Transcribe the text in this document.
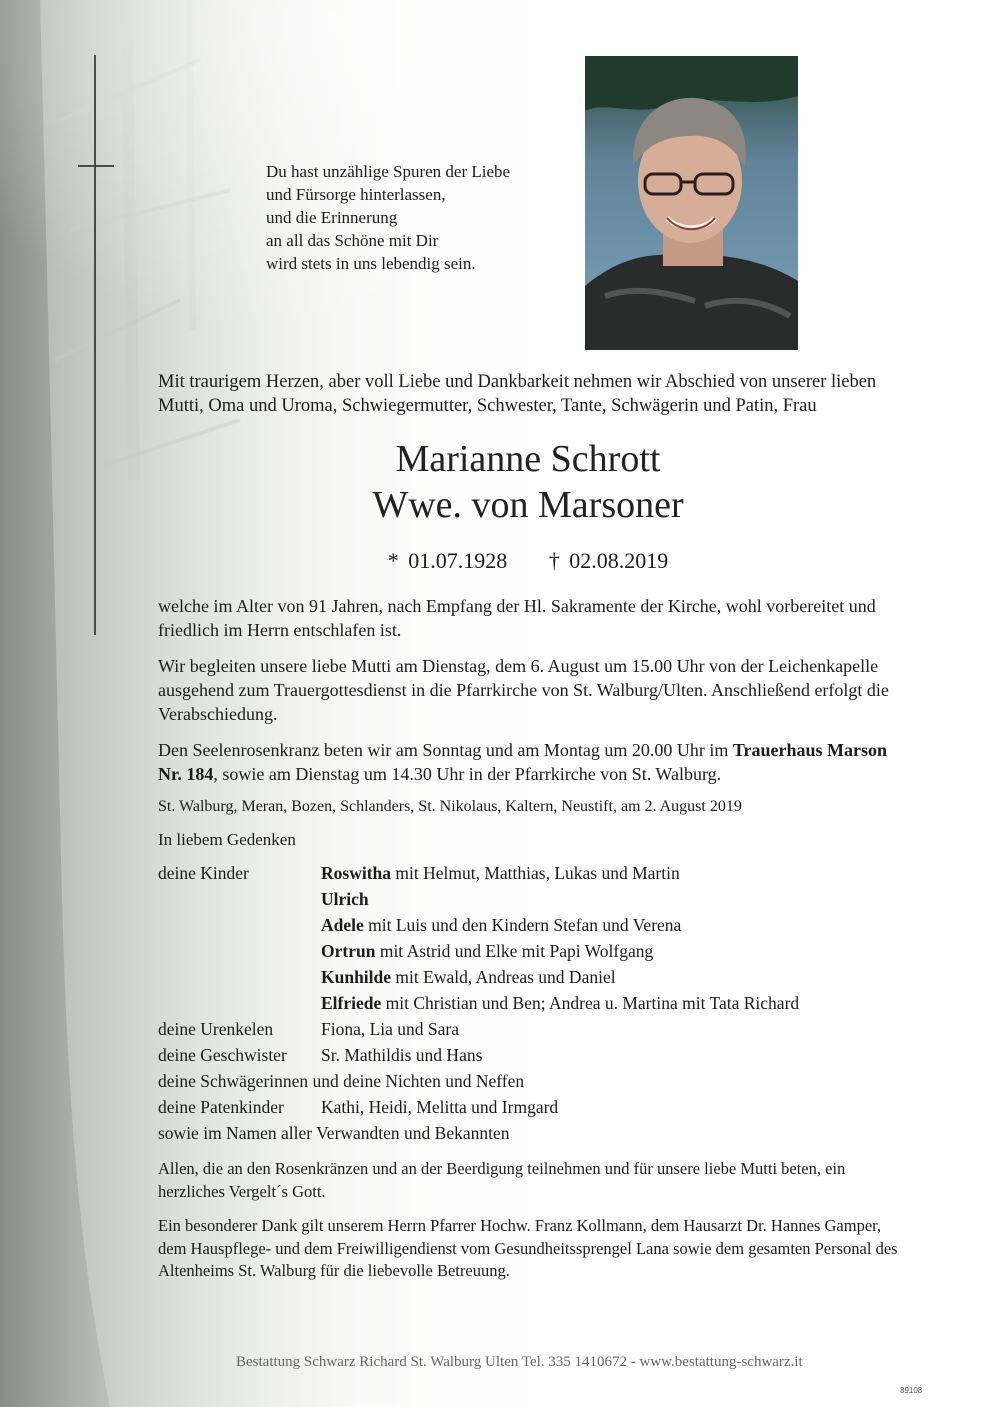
Du hast unzählige Spuren der Liebe
und Fürsorge hinterlassen,
und die Erinnerung
an all das Schöne mit Dir
wird stets in uns lebendig sein.
Mit traurigem Herzen, aber voll Liebe und Dankbarkeit nehmen wir Abschied von unserer lieben Mutti, Oma und Uroma, Schwiegermutter, Schwester, Tante, Schwägerin und Patin, Frau
Marianne Schrott
Wwe. von Marsoner
* 01.07.1928 † 02.08.2019
welche im Alter von 91 Jahren, nach Empfang der Hl. Sakramente der Kirche, wohl vorbereitet und friedlich im Herrn entschlafen ist.
Wir begleiten unsere liebe Mutti am Dienstag, dem 6. August um 15.00 Uhr von der Leichenkapelle ausgehend zum Trauergottesdienst in die Pfarrkirche von St. Walburg/Ulten. Anschließend erfolgt die Verabschiedung.
Den Seelenrosenkranz beten wir am Sonntag und am Montag um 20.00 Uhr im Trauerhaus Marson Nr. 184, sowie am Dienstag um 14.30 Uhr in der Pfarrkirche von St. Walburg.
St. Walburg, Meran, Bozen, Schlanders, St. Nikolaus, Kaltern, Neustift, am 2. August 2019
In liebem Gedenken
deine Kinder	Roswitha mit Helmut, Matthias, Lukas und Martin
Ulrich
Adele mit Luis und den Kindern Stefan und Verena
Ortrun mit Astrid und Elke mit Papi Wolfgang
Kunhilde mit Ewald, Andreas und Daniel
Elfriede mit Christian und Ben; Andrea u. Martina mit Tata Richard
deine Urenkelen	Fiona, Lia und Sara
deine Geschwister	Sr. Mathildis und Hans
deine Schwägerinnen und deine Nichten und Neffen
deine Patenkinder	Kathi, Heidi, Melitta und Irmgard
sowie im Namen aller Verwandten und Bekannten
Allen, die an den Rosenkränzen und an der Beerdigung teilnehmen und für unsere liebe Mutti beten, ein herzliches Vergelt´s Gott.
Ein besonderer Dank gilt unserem Herrn Pfarrer Hochw. Franz Kollmann, dem Hausarzt Dr. Hannes Gamper, dem Hauspflege- und dem Freiwilligendienst vom Gesundheitssprengel Lana sowie dem gesamten Personal des Altenheims St. Walburg für die liebevolle Betreuung.
Bestattung Schwarz Richard St. Walburg Ulten Tel. 335 1410672 - www.bestattung-schwarz.it
89108
